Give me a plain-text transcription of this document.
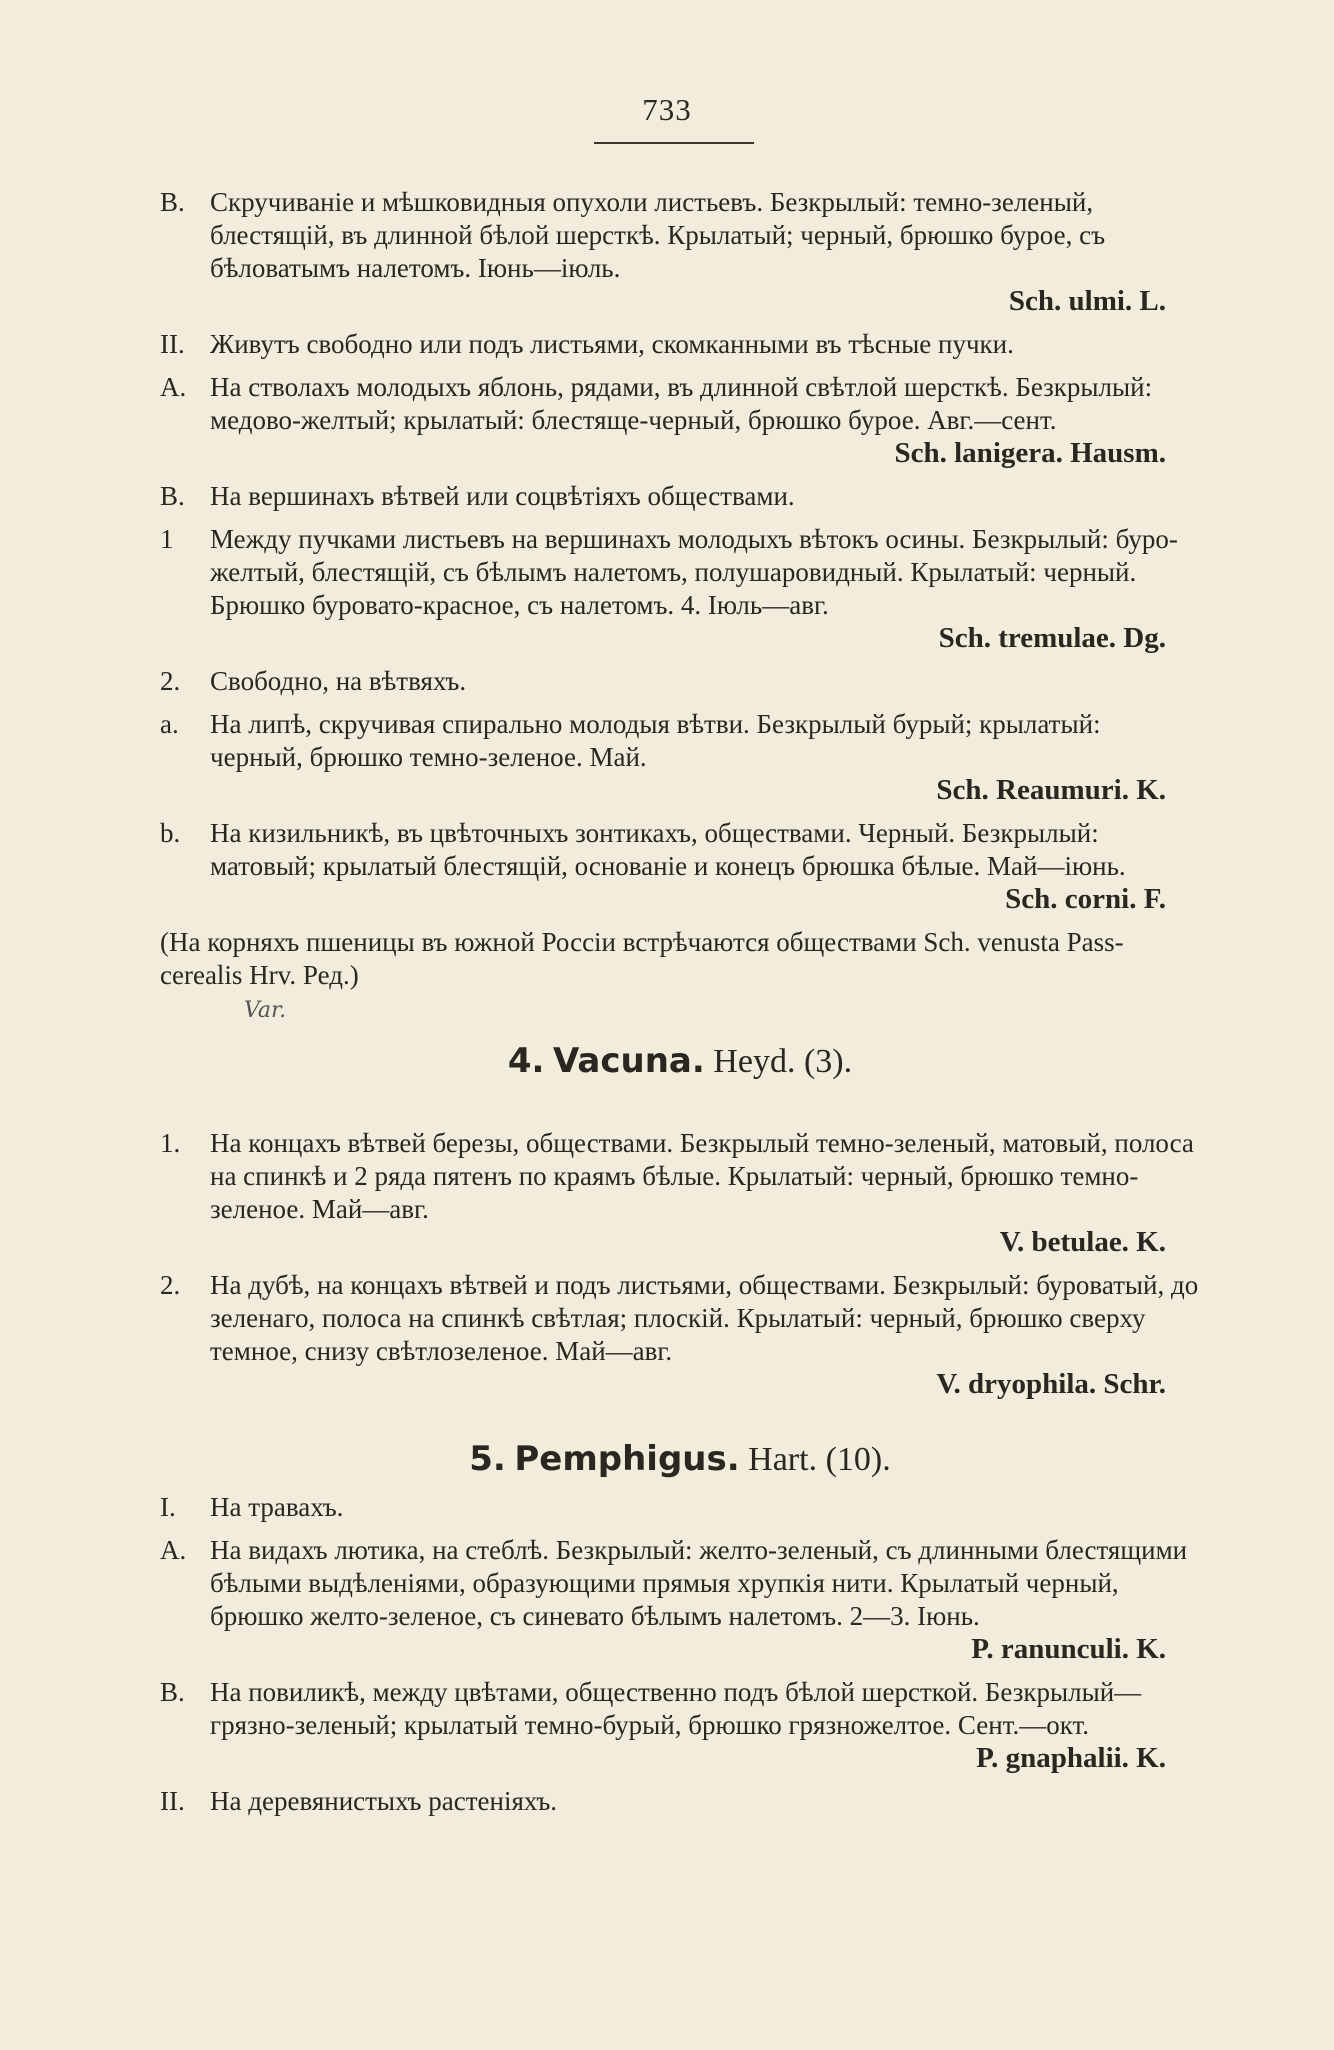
733
B. Скручиваніе и мѣшковидныя опухоли листьевъ. Безкрылый: темно-зеленый, блестящій, въ длинной бѣлой шерсткѣ. Крылатый; черный, брюшко бурое, съ бѣловатымъ налетомъ. Іюнь—іюль.
Sch. ulmi. L.
II. Живутъ свободно или подъ листьями, скомканными въ тѣсные пучки.
A. На стволахъ молодыхъ яблонь, рядами, въ длинной свѣтлой шерсткѣ. Безкрылый: медово-желтый; крылатый: блестяще-черный, брюшко бурое. Авг.—сент.
Sch. lanigera. Hausm.
B. На вершинахъ вѣтвей или соцвѣтіяхъ обществами.
1 Между пучками листьевъ на вершинахъ молодыхъ вѣтокъ осины. Безкрылый: буро-желтый, блестящій, съ бѣлымъ налетомъ, полушаровидный. Крылатый: черный. Брюшко буровато-красное, съ налетомъ. 4. Іюль—авг.
Sch. tremulae. Dg.
2. Свободно, на вѣтвяхъ.
a. На липѣ, скручивая спирально молодыя вѣтви. Безкрылый бурый; крылатый: черный, брюшко темно-зеленое. Май.
Sch. Reaumuri. K.
b. На кизильникѣ, въ цвѣточныхъ зонтикахъ, обществами. Черный. Безкрылый: матовый; крылатый блестящій, основаніе и конецъ брюшка бѣлые. Май—іюнь.
Sch. corni. F.
(На корняхъ пшеницы въ южной Россіи встрѣчаются обществами Sch. venusta Pass-cerealis Hrv. Ред.)
Var.
4. Vacuna. Heyd. (3).
1. На концахъ вѣтвей березы, обществами. Безкрылый темно-зеленый, матовый, полоса на спинкѣ и 2 ряда пятенъ по краямъ бѣлые. Крылатый: черный, брюшко темно-зеленое. Май—авг.
V. betulae. K.
2. На дубѣ, на концахъ вѣтвей и подъ листьями, обществами. Безкрылый: буроватый, до зеленаго, полоса на спинкѣ свѣтлая; плоскій. Крылатый: черный, брюшко сверху темное, снизу свѣтлозеленое. Май—авг.
V. dryophila. Schr.
5. Pemphigus. Hart. (10).
I. На травахъ.
A. На видахъ лютика, на стеблѣ. Безкрылый: желто-зеленый, съ длинными блестящими бѣлыми выдѣленіями, образующими прямыя хрупкія нити. Крылатый черный, брюшко желто-зеленое, съ синевато бѣлымъ налетомъ. 2—3. Іюнь.
P. ranunculi. K.
B. На повиликѣ, между цвѣтами, общественно подъ бѣлой шерсткой. Безкрылый—грязно-зеленый; крылатый темно-бурый, брюшко грязножелтое. Сент.—окт.
P. gnaphalii. K.
II. На деревянистыхъ растеніяхъ.
